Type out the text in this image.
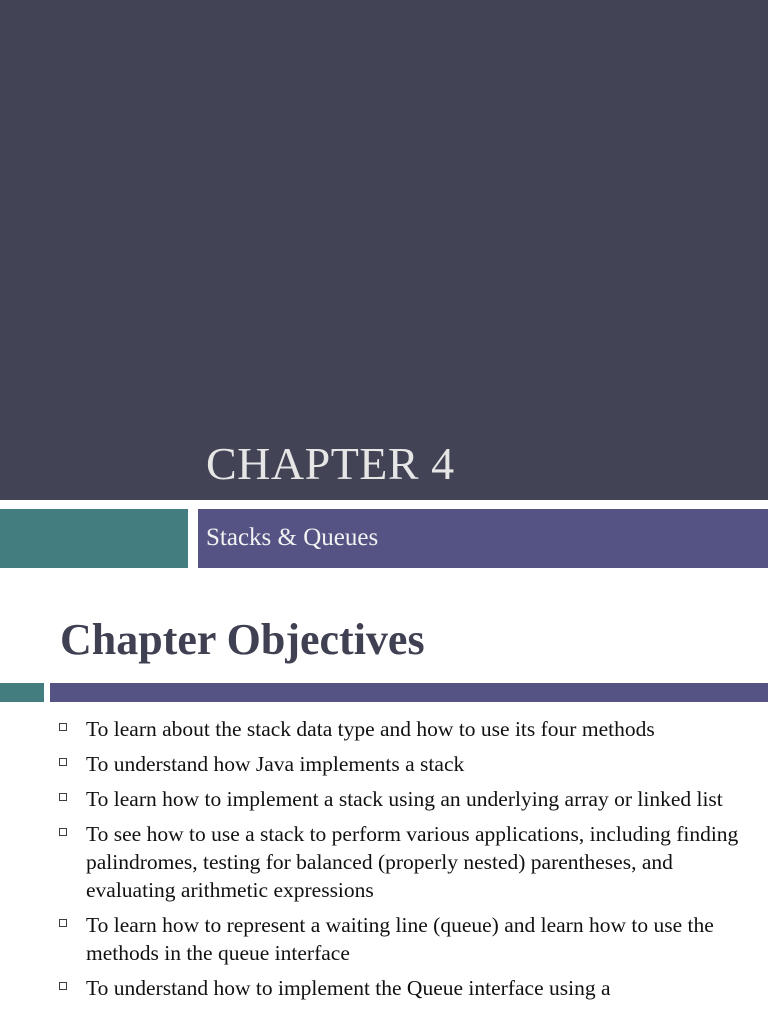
CHAPTER 4
Stacks & Queues
Chapter Objectives
To learn about the stack data type and how to use its four methods
To understand how Java implements a stack
To learn how to implement a stack using an underlying array or linked list
To see how to use a stack to perform various applications, including finding palindromes, testing for balanced (properly nested) parentheses, and evaluating arithmetic expressions
To learn how to represent a waiting line (queue) and learn how to use the methods in the queue interface
To understand how to implement the Queue interface using a
